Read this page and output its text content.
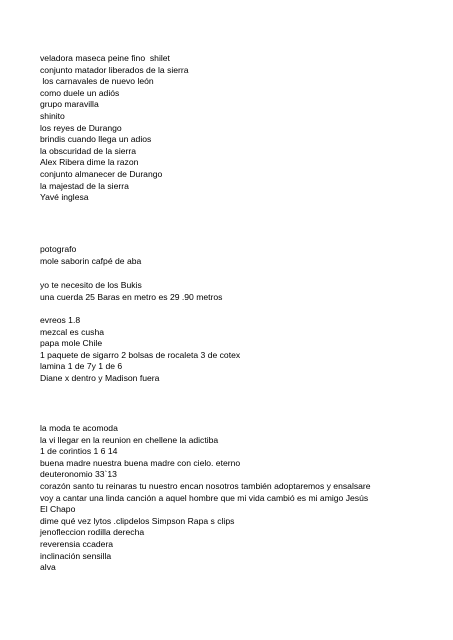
veladora maseca peine fino  shilet
conjunto matador liberados de la sierra
los carnavales de nuevo león
como duele un adiós
grupo maravilla
shinito
los reyes de Durango
brindis cuando llega un adios
la obscuridad de la sierra
Alex Ribera dime la razon
conjunto almanecer de Durango
la majestad de la sierra
Yavé inglesa
potografo
mole saborin cafpé de aba
yo te necesito de los Bukis
una cuerda 25 Baras en metro es 29 .90 metros
evreos 1.8
mezcal es cusha
papa mole Chile
1 paquete de sigarro 2 bolsas de rocaleta 3 de cotex
lamina 1 de 7y 1 de 6
Diane x dentro y Madison fuera
la moda te acomoda
la vi llegar en la reunion en chellene la adictiba
1 de corintios 1 6 14
buena madre nuestra buena madre con cielo. eterno
deuteronomio 33`13
corazón santo tu reinaras tu nuestro encan nosotros también adoptaremos y ensalsare
voy a cantar una linda canción a aquel hombre que mi vida cambió es mi amigo Jesús
El Chapo
dime qué vez lytos .clipdelos Simpson Rapa s clips
jenofleccion rodilla derecha
reverensia ccadera
inclinación sensilla
alva
